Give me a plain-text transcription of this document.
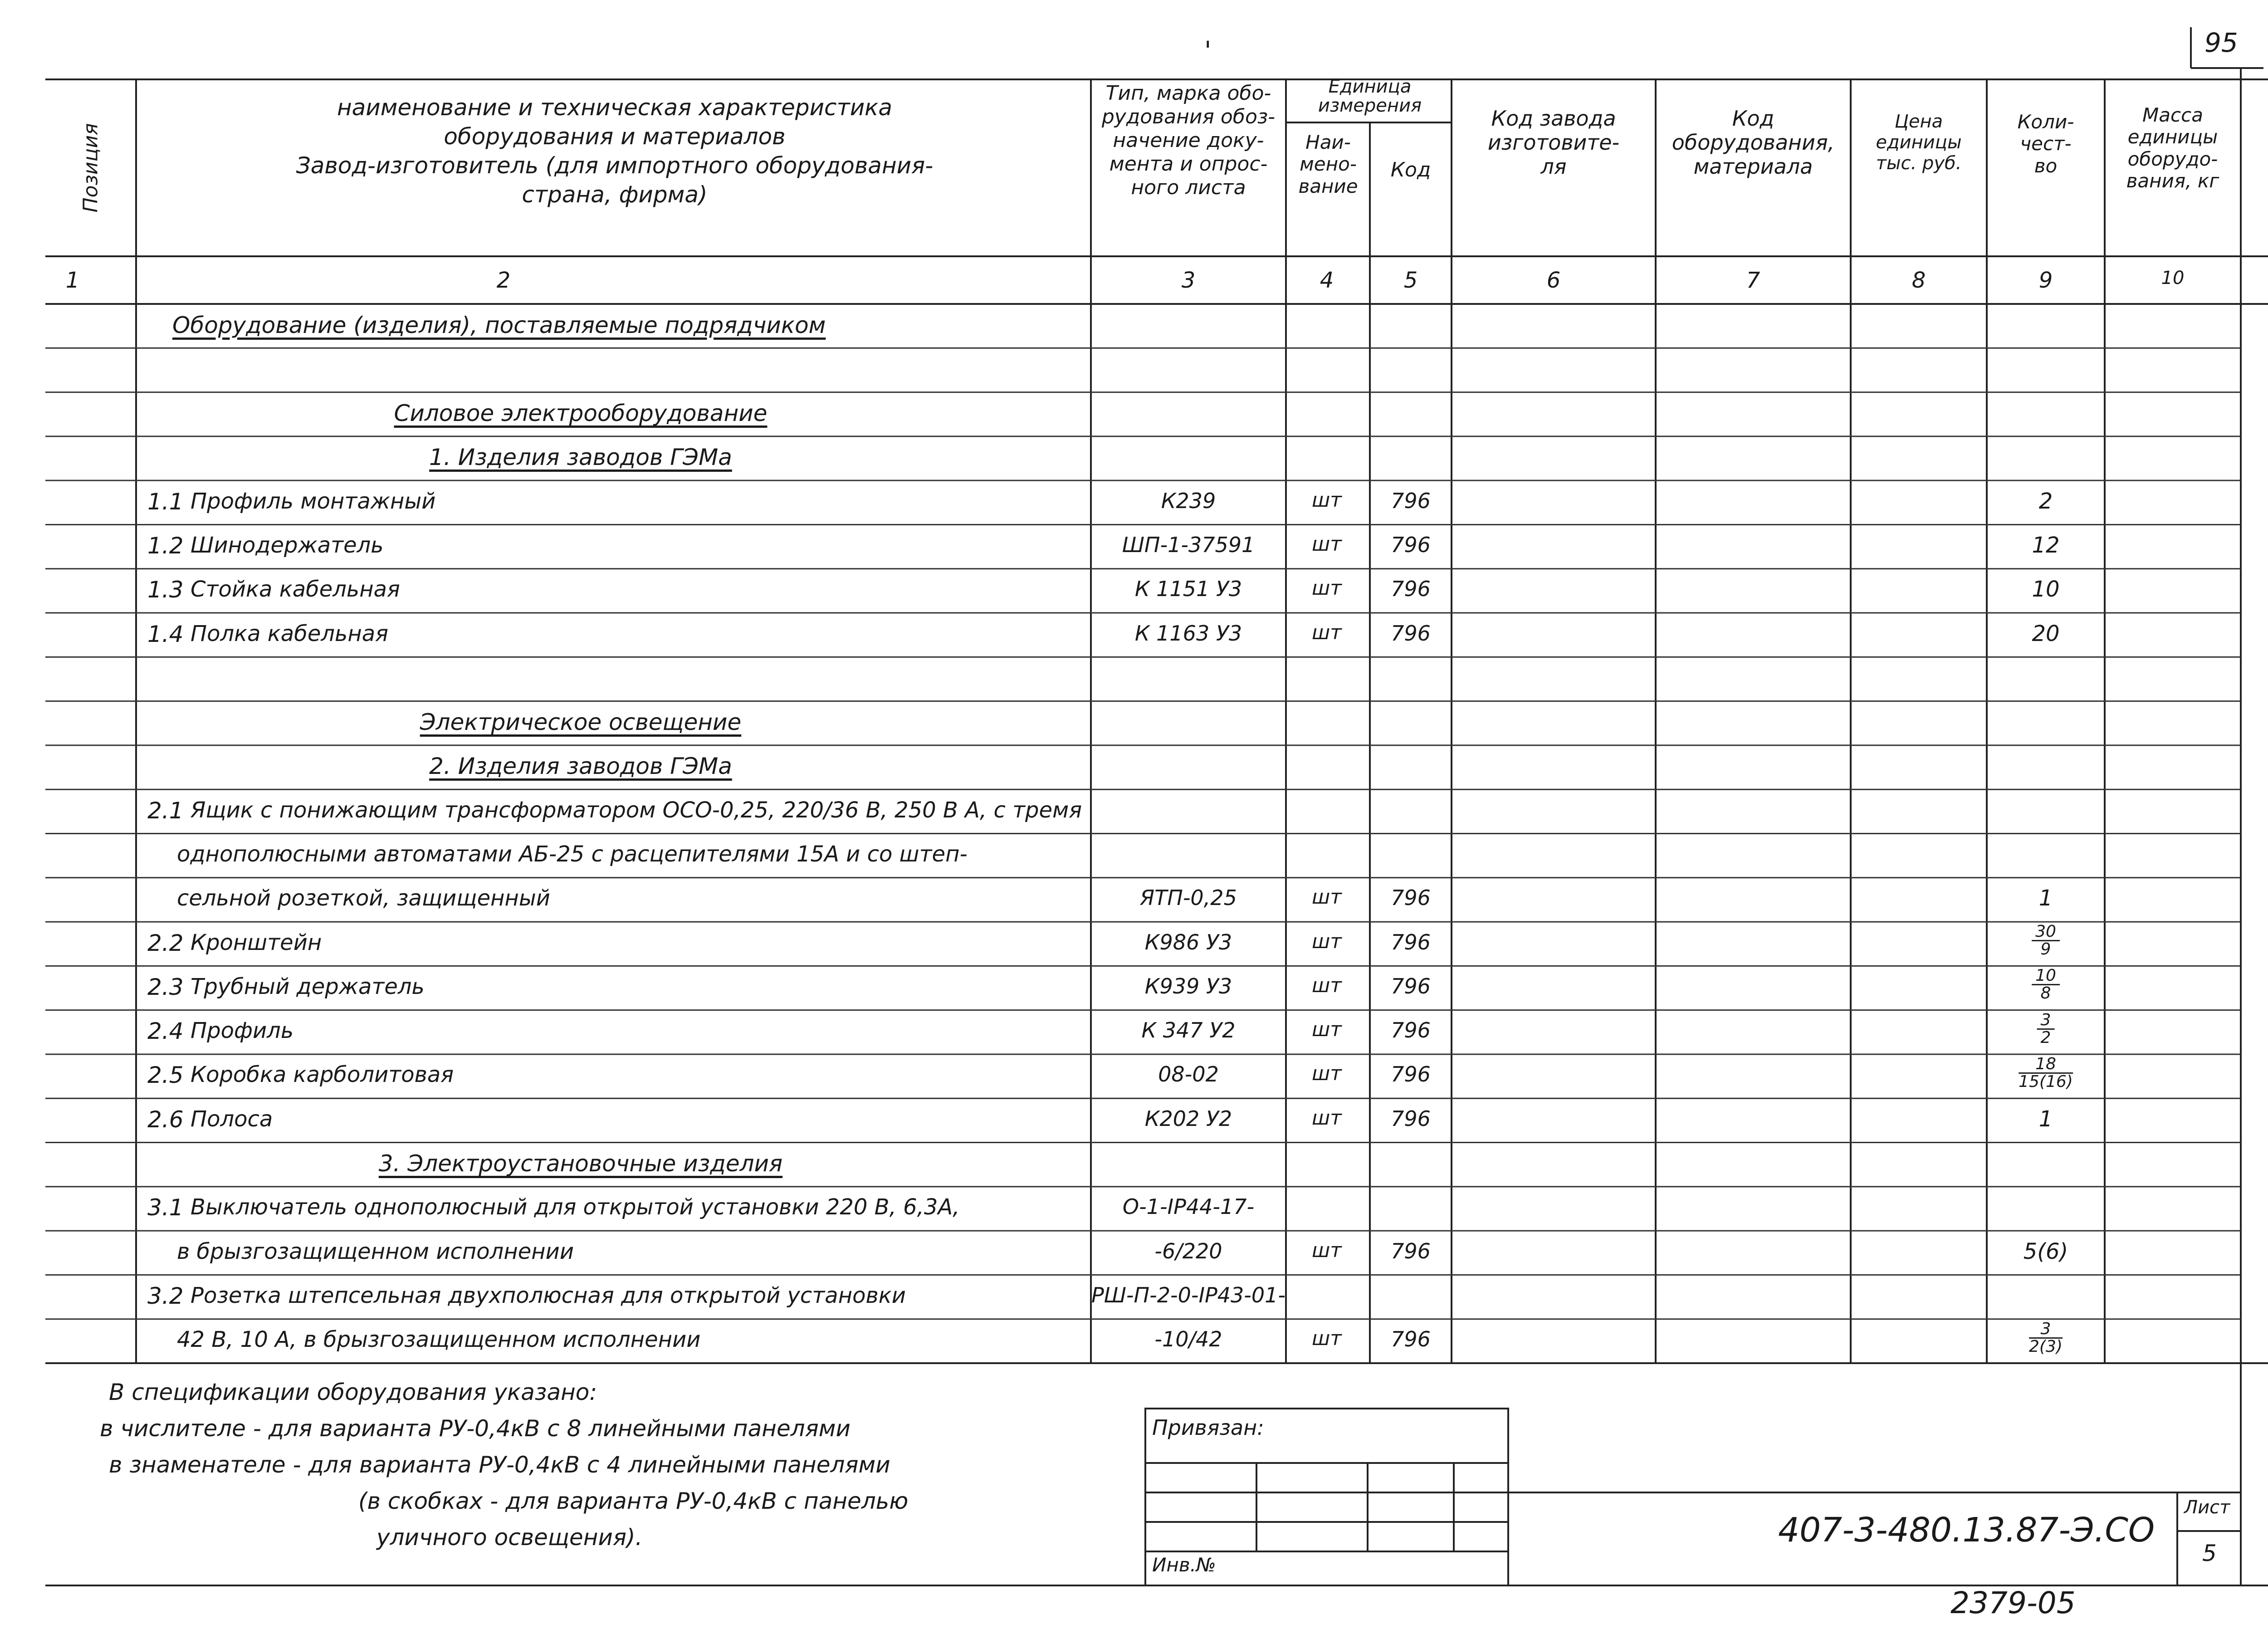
'	95
Позиция
наименование и техническая характеристика
оборудования и материалов
Завод-изготовитель (для импортного оборудования-
страна, фирма)
Тип, марка обо-
рудования обоз-
начение доку-
мента и опрос-
ного листа
Единица измерения
Наи-
мено-
вание
Код
Код завода
изготовите-
ля
Код
оборудования,
материала
Цена
единицы
тыс. руб.
Коли-
чест-
во
Масса
единицы
оборудо-
вания, кг
1	2	3	4	5	6	7	8	9	10
Оборудование (изделия), поставляемые подрядчиком
Силовое электрооборудование
1. Изделия заводов ГЭМа
1.1 Профиль монтажный	К239	шт 796	2
1.2 Шинодержатель	ШП-1-37591	шт 796	12
1.3 Стойка кабельная	К 1151 У3	шт 796	10
1.4 Полка кабельная	К 1163 У3	шт 796	20
Электрическое освещение
2. Изделия заводов ГЭМа
2.1 Ящик с понижающим трансформатором ОСО-0,25, 220/36 В, 250 В А, с тремя
однополюсными автоматами АБ-25 с расцепителями 15А и со штеп-
сельной розеткой, защищенный	ЯТП-0,25	шт 796	1
2.2 Кронштейн	К986 У3	шт 796	$\frac{30}{9}$
2.3 Трубный держатель	К939 У3	шт 796	$\frac{10}{8}$
2.4 Профиль	К 347 У2	шт 796	$\frac{3}{2}$
2.5 Коробка карболитовая	08-02	шт 796	$\frac{18}{15(16)}$
2.6 Полоса	К202 У2	шт 796	1
3. Электроустановочные изделия
3.1 Выключатель однополюсный для открытой установки 220 В, 6,3А,	О-1-IP44-17-
в брызгозащищенном исполнении	-6/220	шт 796	5(6)
3.2 Розетка штепсельная двухполюсная для открытой установки	РШ-П-2-0-IP43-01-
42 В, 10 А, в брызгозащищенном исполнении	-10/42	шт 796	$\frac{3}{2(3)}$
В спецификации оборудования указано:
в числителе - для варианта РУ-0,4кВ с 8 линейными панелями
в знаменателе - для варианта РУ-0,4кВ с 4 линейными панелями
(в скобках - для варианта РУ-0,4кВ с панелью
уличного освещения).
Привязан:
Инв.№
407-3-480.13.87-Э.СО
Лист
5
2379-05
